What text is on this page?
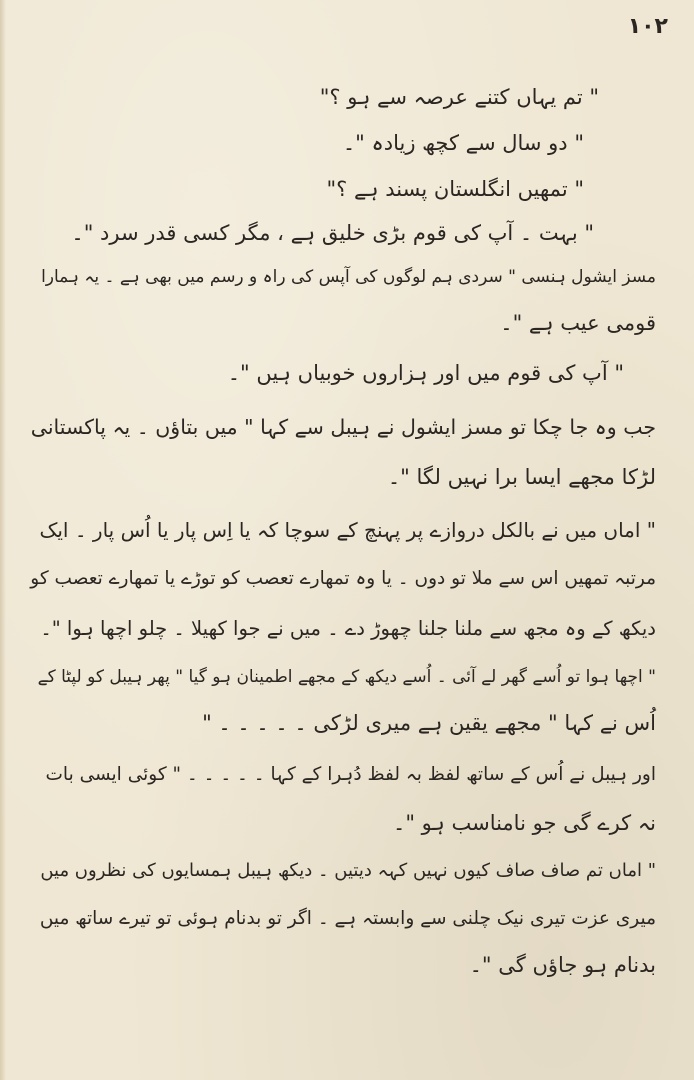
۱۰۲
" تم یہاں کتنے عرصہ سے ہو ؟"
" دو سال سے کچھ زیادہ "۔
" تمھیں انگلستان پسند ہے ؟"
" بہت ۔ آپ کی قوم بڑی خلیق ہے ، مگر کسی قدر سرد "۔
مسز ایشول ہنسی " سردی ہم لوگوں کی آپس کی راہ و رسم میں بھی ہے ۔ یہ ہمارا
قومی عیب ہے "۔
" آپ کی قوم میں اور ہزاروں خوبیاں ہیں "۔
جب وہ جا چکا تو مسز ایشول نے ہیبل سے کہا " میں بتاؤں ۔ یہ پاکستانی
لڑکا مجھے ایسا برا نہیں لگا "۔
" اماں میں نے بالکل دروازے پر پہنچ کے سوچا کہ یا اِس پار یا اُس پار ۔ ایک
مرتبہ تمھیں اس سے ملا تو دوں ۔ یا وہ تمھارے تعصب کو توڑے یا تمھارے تعصب کو
دیکھ کے وہ مجھ سے ملنا جلنا چھوڑ دے ۔ میں نے جوا کھیلا ۔ چلو اچھا ہوا "۔
" اچھا ہوا تو اُسے گھر لے آئی ۔ اُسے دیکھ کے مجھے اطمینان ہو گیا " پھر ہیبل کو لپٹا کے
اُس نے کہا " مجھے یقین ہے میری لڑکی ۔ ۔ ۔ ۔ ۔ "
اور ہیبل نے اُس کے ساتھ لفظ بہ لفظ دُہرا کے کہا ۔ ۔ ۔ ۔ ۔ " کوئی ایسی بات
نہ کرے گی جو نامناسب ہو "۔
" اماں تم صاف صاف کیوں نہیں کہہ دیتیں ۔ دیکھ ہیبل ہمسایوں کی نظروں میں
میری عزت تیری نیک چلنی سے وابستہ ہے ۔ اگر تو بدنام ہوئی تو تیرے ساتھ میں
بدنام ہو جاؤں گی "۔
